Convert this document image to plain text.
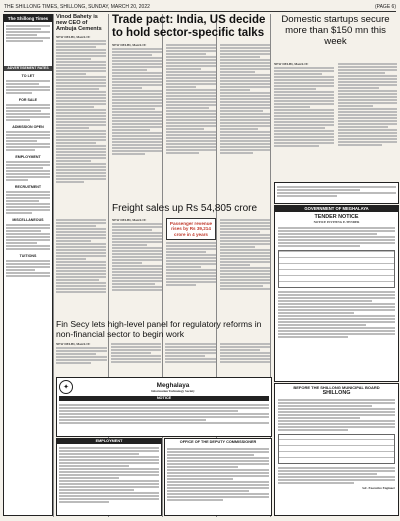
THE SHILLONG TIMES, SHILLONG, SUNDAY, MARCH 20, 2022	(PAGE 6)
The Shillong Times
ADVERTISEMENT RATES
TO LET
FOR SALE
ADMISSION OPEN
EMPLOYMENT
RECRUITMENT
MISCELLANEOUS
TUITIONS
Vinod Bahety is new CEO of Ambuja Cements
NEW DELHI, March 19:
Trade pact: India, US decide to hold sector-specific talks
NEW DELHI, March 19:
Domestic startups secure more than $150 mn this week
NEW DELHI, March 19:
Freight sales up Rs 54,805 crore
NEW DELHI, March 19:
Passenger revenue rises by Rs 39,214 crore in 4 years
GOVERNMENT OF MEGHALAYA
TENDER NOTICE
NOTICE INVITING E-TENDER
Fin Secy lets high-level panel for regulatory reforms in non-financial sector to begin work
NEW DELHI, March 19:
✦	Meghalaya
Information Technology Society
NOTICE
EMPLOYMENT	OFFICE OF THE DEPUTY COMMISSIONER
BEFORE THE SHILLONG MUNICIPAL BOARD
SHILLONG
Sd/- Executive Engineer
